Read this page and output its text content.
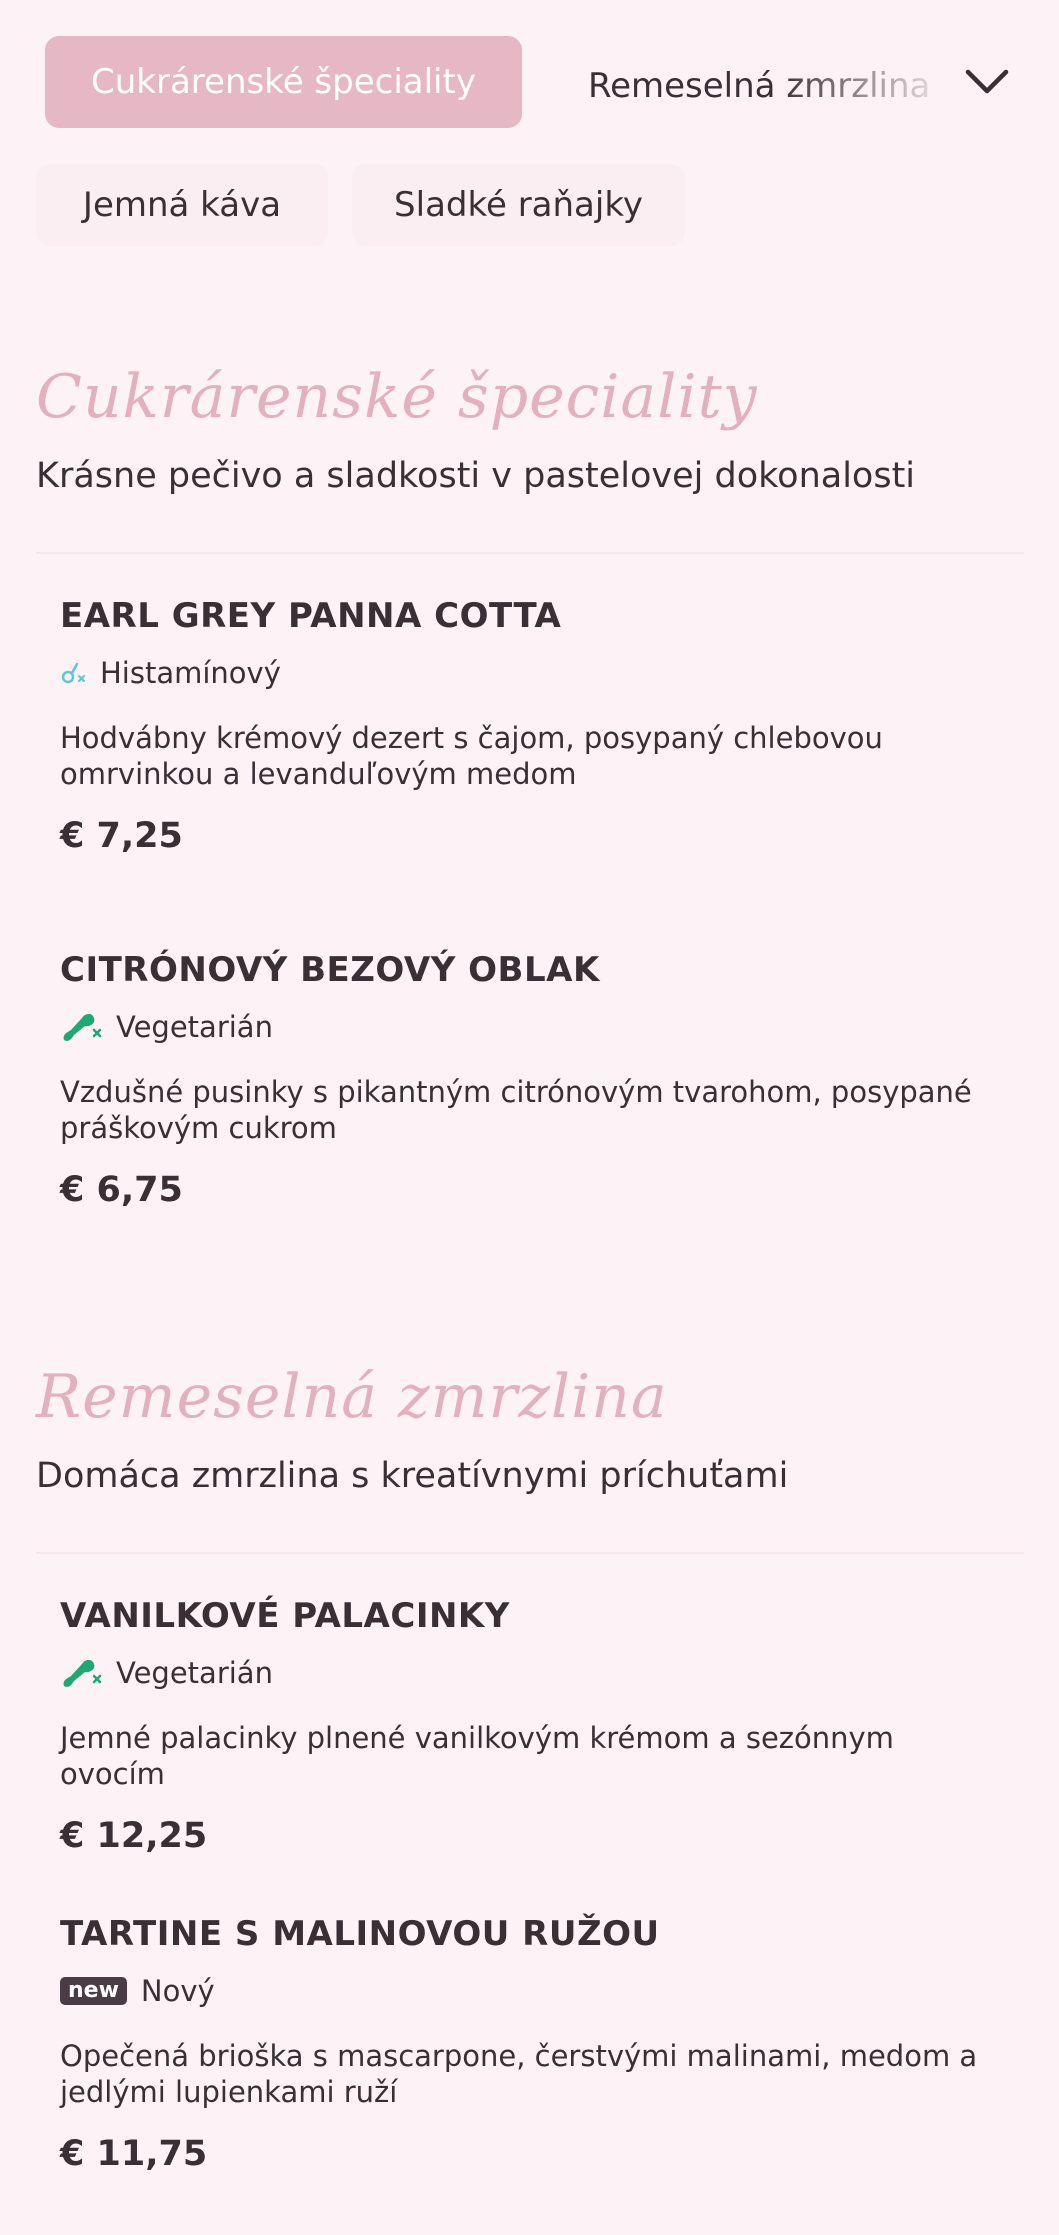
Cukrárenské špeciality	Remeselná zmrzlina
Jemná káva	Sladké raňajky
Cukrárenské špeciality
Krásne pečivo a sladkosti v pastelovej dokonalosti
EARL GREY PANNA COTTA
Histamínový
Hodvábny krémový dezert s čajom, posypaný chlebovou omrvinkou a levanduľovým medom
€ 7,25
CITRÓNOVÝ BEZOVÝ OBLAK
Vegetarián
Vzdušné pusinky s pikantným citrónovým tvarohom, posypané práškovým cukrom
€ 6,75
Remeselná zmrzlina
Domáca zmrzlina s kreatívnymi príchuťami
VANILKOVÉ PALACINKY
Vegetarián
Jemné palacinky plnené vanilkovým krémom a sezónnym ovocím
€ 12,25
TARTINE S MALINOVOU RUŽOU
new Nový
Opečená brioška s mascarpone, čerstvými malinami, medom a jedlými lupienkami ruží
€ 11,75
